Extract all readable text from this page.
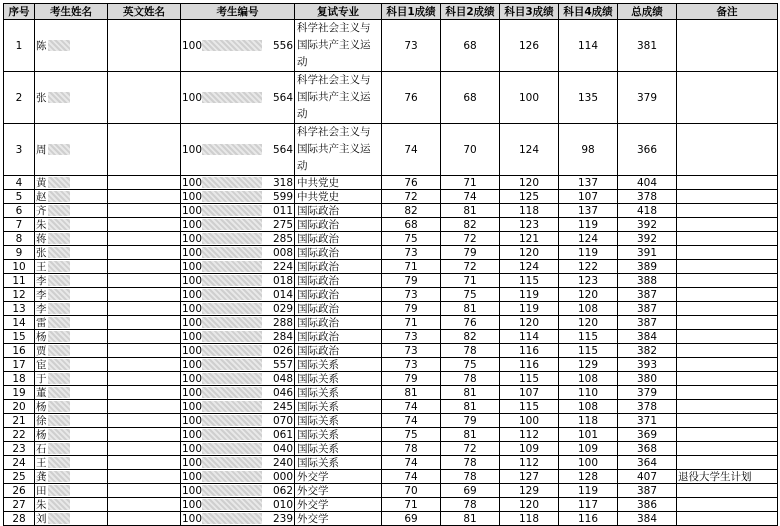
序号	考生姓名	英文姓名	考生编号	复试专业	科目1成绩	科目2成绩	科目3成绩	科目4成绩	总成绩	备注
1	陈		100 556	科学社会主义与国际共产主义运动	73	68	126	114	381	
2	张		100 564	科学社会主义与国际共产主义运动	76	68	100	135	379	
3	周		100 564	科学社会主义与国际共产主义运动	74	70	124	98	366	
4	黄		100 318	中共党史	76	71	120	137	404	
5	赵		100 599	中共党史	72	74	125	107	378	
6	齐		100 011	国际政治	82	81	118	137	418	
7	朱		100 275	国际政治	68	82	123	119	392	
8	蒋		100 285	国际政治	75	72	121	124	392	
9	张		100 008	国际政治	73	79	120	119	391	
10	王		100 224	国际政治	71	72	124	122	389	
11	李		100 018	国际政治	79	71	115	123	388	
12	李		100 014	国际政治	73	75	119	120	387	
13	李		100 029	国际政治	79	81	119	108	387	
14	雷		100 288	国际政治	71	76	120	120	387	
15	杨		100 284	国际政治	73	82	114	115	384	
16	贾		100 026	国际政治	73	78	116	115	382	
17	宦		100 557	国际关系	73	75	116	129	393	
18	于		100 048	国际关系	79	78	115	108	380	
19	董		100 046	国际关系	81	81	107	110	379	
20	杨		100 245	国际关系	74	81	115	108	378	
21	徐		100 070	国际关系	74	79	100	118	371	
22	杨		100 061	国际关系	75	81	112	101	369	
23	石		100 040	国际关系	78	72	109	109	368	
24	王		100 240	国际关系	74	78	112	100	364	
25	龚		100 000	外交学	74	78	127	128	407	退役大学生计划
26	田		100 062	外交学	70	69	129	119	387	
27	朱		100 010	外交学	71	78	120	117	386	
28	刘		100 239	外交学	69	81	118	116	384	
